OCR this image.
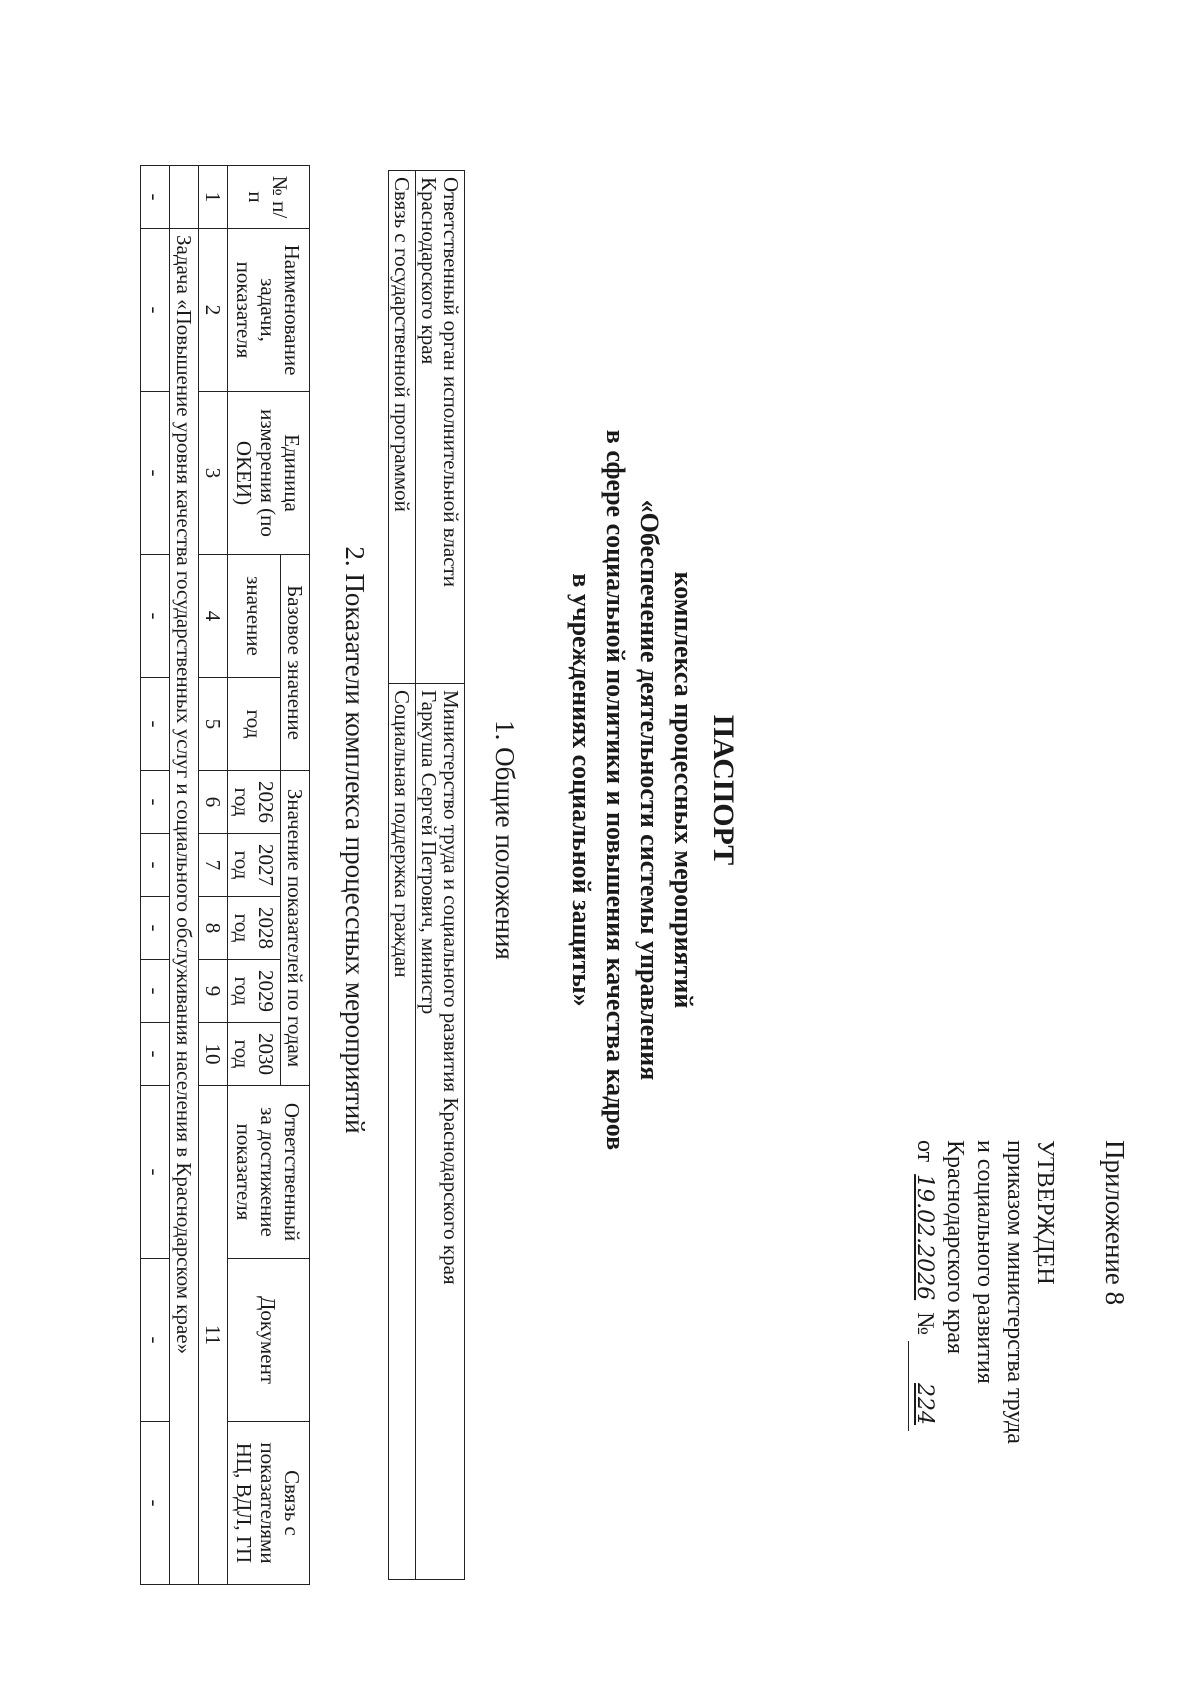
Приложение 8
УТВЕРЖДЕН
приказом министерства труда
и социального развития
Краснодарского края
от 19.02.2026 № 224
ПАСПОРТ
комплекса процессных мероприятий
«Обеспечение деятельности системы управления
в сфере социальной политики и повышения качества кадров
в учреждениях социальной защиты»
1. Общие положения
Ответственный орган исполнительной власти Краснодарского края	Министерство труда и социального развития Краснодарского края
Гаркуша Сергей Петрович, министр

Связь с государственной программой	Социальная поддержка граждан
2. Показатели комплекса процессных мероприятий
№ п/п	Наименование задачи, показателя	Единица измерения (по ОКЕИ)	Базовое значение		Значение показателей по годам					Ответственный за достижение показателя	Документ	Связь с показателями НЦ, ВДЛ, ГП
			значение	год	2026 год	2027 год	2028 год	2029 год	2030 год			
1	2	3	4	5	6	7	8	9	10	11		
	Задача «Повышение уровня качества государственных услуг и социального обслуживания населения в Краснодарском крае»											
-	-	-	-	-	-	-	-	-	-	-	-	-
